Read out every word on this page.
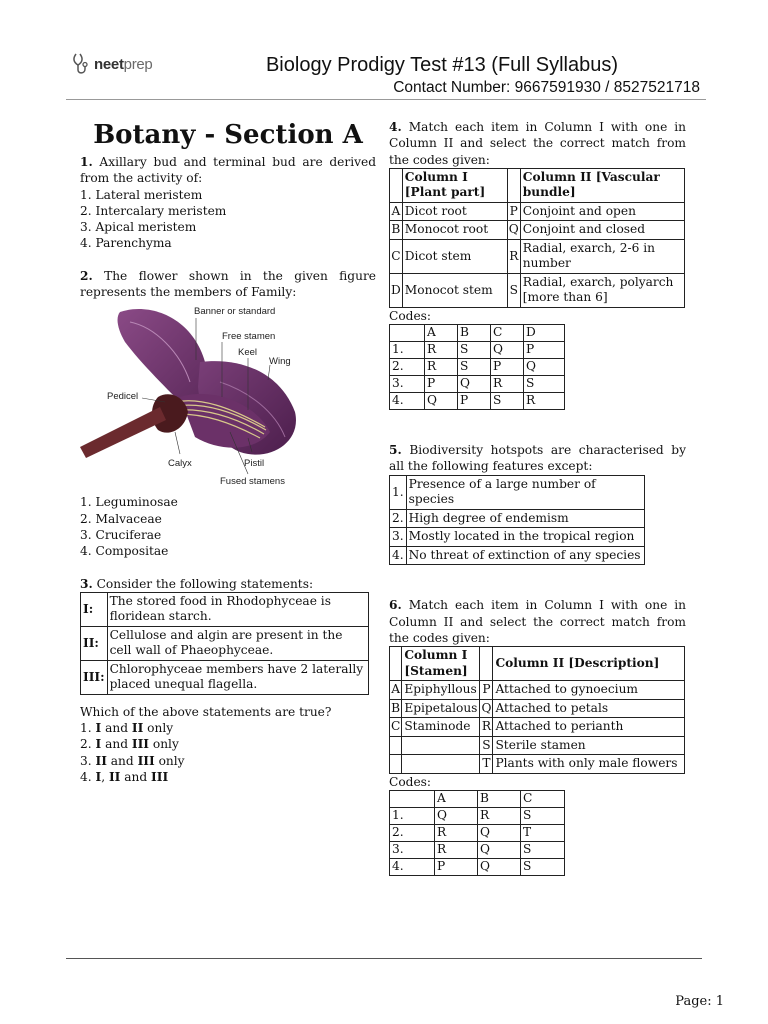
neet prep	Biology Prodigy Test #13 (Full Syllabus)
Contact Number: 9667591930 / 8527521718
Botany - Section A

1. Axillary bud and terminal bud are derived from the activity of:

1. Lateral meristem

2. Intercalary meristem

3. Apical meristem

4. Parenchyma

2. The flower shown in the given figure represents the members of Family:

Banner or standard
Free stamen
Keel
Wing
Pedicel
Calyx	Pistil
Fused stamens

1. Leguminosae

2. Malvaceae

3. Cruciferae

4. Compositae

3. Consider the following statements:

I:	The stored food in Rhodophyceae is floridean starch.
II:	Cellulose and algin are present in the cell wall of Phaeophyceae.
III:	Chlorophyceae members have 2 laterally placed unequal flagella.

Which of the above statements are true?

1. I and II only

2. I and III only

3. II and III only

4. I, II and III

4. Match each item in Column I with one in Column II and select the correct match from the codes given:

	Column I [Plant part]		Column II [Vascular bundle]
A	Dicot root	P	Conjoint and open
B	Monocot root	Q	Conjoint and closed
C	Dicot stem	R	Radial, exarch, 2-6 in number
D	Monocot stem	S	Radial, exarch, polyarch [more than 6]

Codes:

	A	B	C	D
1.	R	S	Q	P
2.	R	S	P	Q
3.	P	Q	R	S
4.	Q	P	S	R

5. Biodiversity hotspots are characterised by all the following features except:

1.	Presence of a large number of species
2.	High degree of endemism
3.	Mostly located in the tropical region
4.	No threat of extinction of any species

6. Match each item in Column I with one in Column II and select the correct match from the codes given:

	Column I [Stamen]		Column II [Description]
A	Epiphyllous	P	Attached to gynoecium
B	Epipetalous	Q	Attached to petals
C	Staminode	R	Attached to perianth
		S	Sterile stamen
		T	Plants with only male flowers

Codes:

	A	B	C
1.	Q	R	S
2.	R	Q	T
3.	R	Q	S
4.	P	Q	S
Page: 1
